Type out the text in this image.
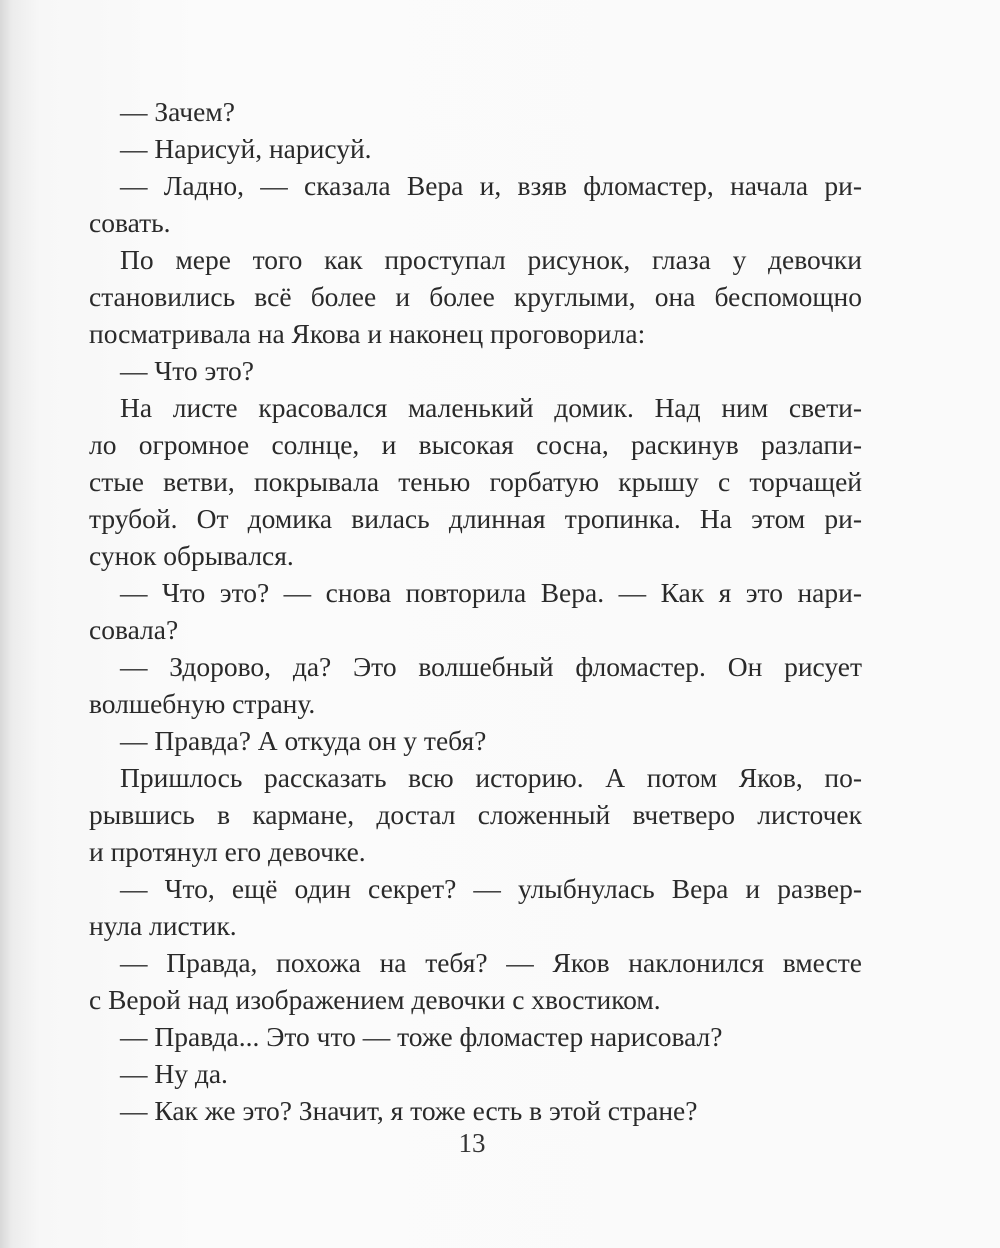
— Зачем?
— Нарисуй, нарисуй.
— Ладно, — сказала Вера и, взяв фломастер, начала ри-
совать.
По мере того как проступал рисунок, глаза у девочки
становились всё более и более круглыми, она беспомощно
посматривала на Якова и наконец проговорила:
— Что это?
На листе красовался маленький домик. Над ним свети-
ло огромное солнце, и высокая сосна, раскинув разлапи-
стые ветви, покрывала тенью горбатую крышу с торчащей
трубой. От домика вилась длинная тропинка. На этом ри-
сунок обрывался.
— Что это? — снова повторила Вера. — Как я это нари-
совала?
— Здорово, да? Это волшебный фломастер. Он рисует
волшебную страну.
— Правда? А откуда он у тебя?
Пришлось рассказать всю историю. А потом Яков, по-
рывшись в кармане, достал сложенный вчетверо листочек
и протянул его девочке.
— Что, ещё один секрет? — улыбнулась Вера и развер-
нула листик.
— Правда, похожа на тебя? — Яков наклонился вместе
с Верой над изображением девочки с хвостиком.
— Правда... Это что — тоже фломастер нарисовал?
— Ну да.
— Как же это? Значит, я тоже есть в этой стране?
13
